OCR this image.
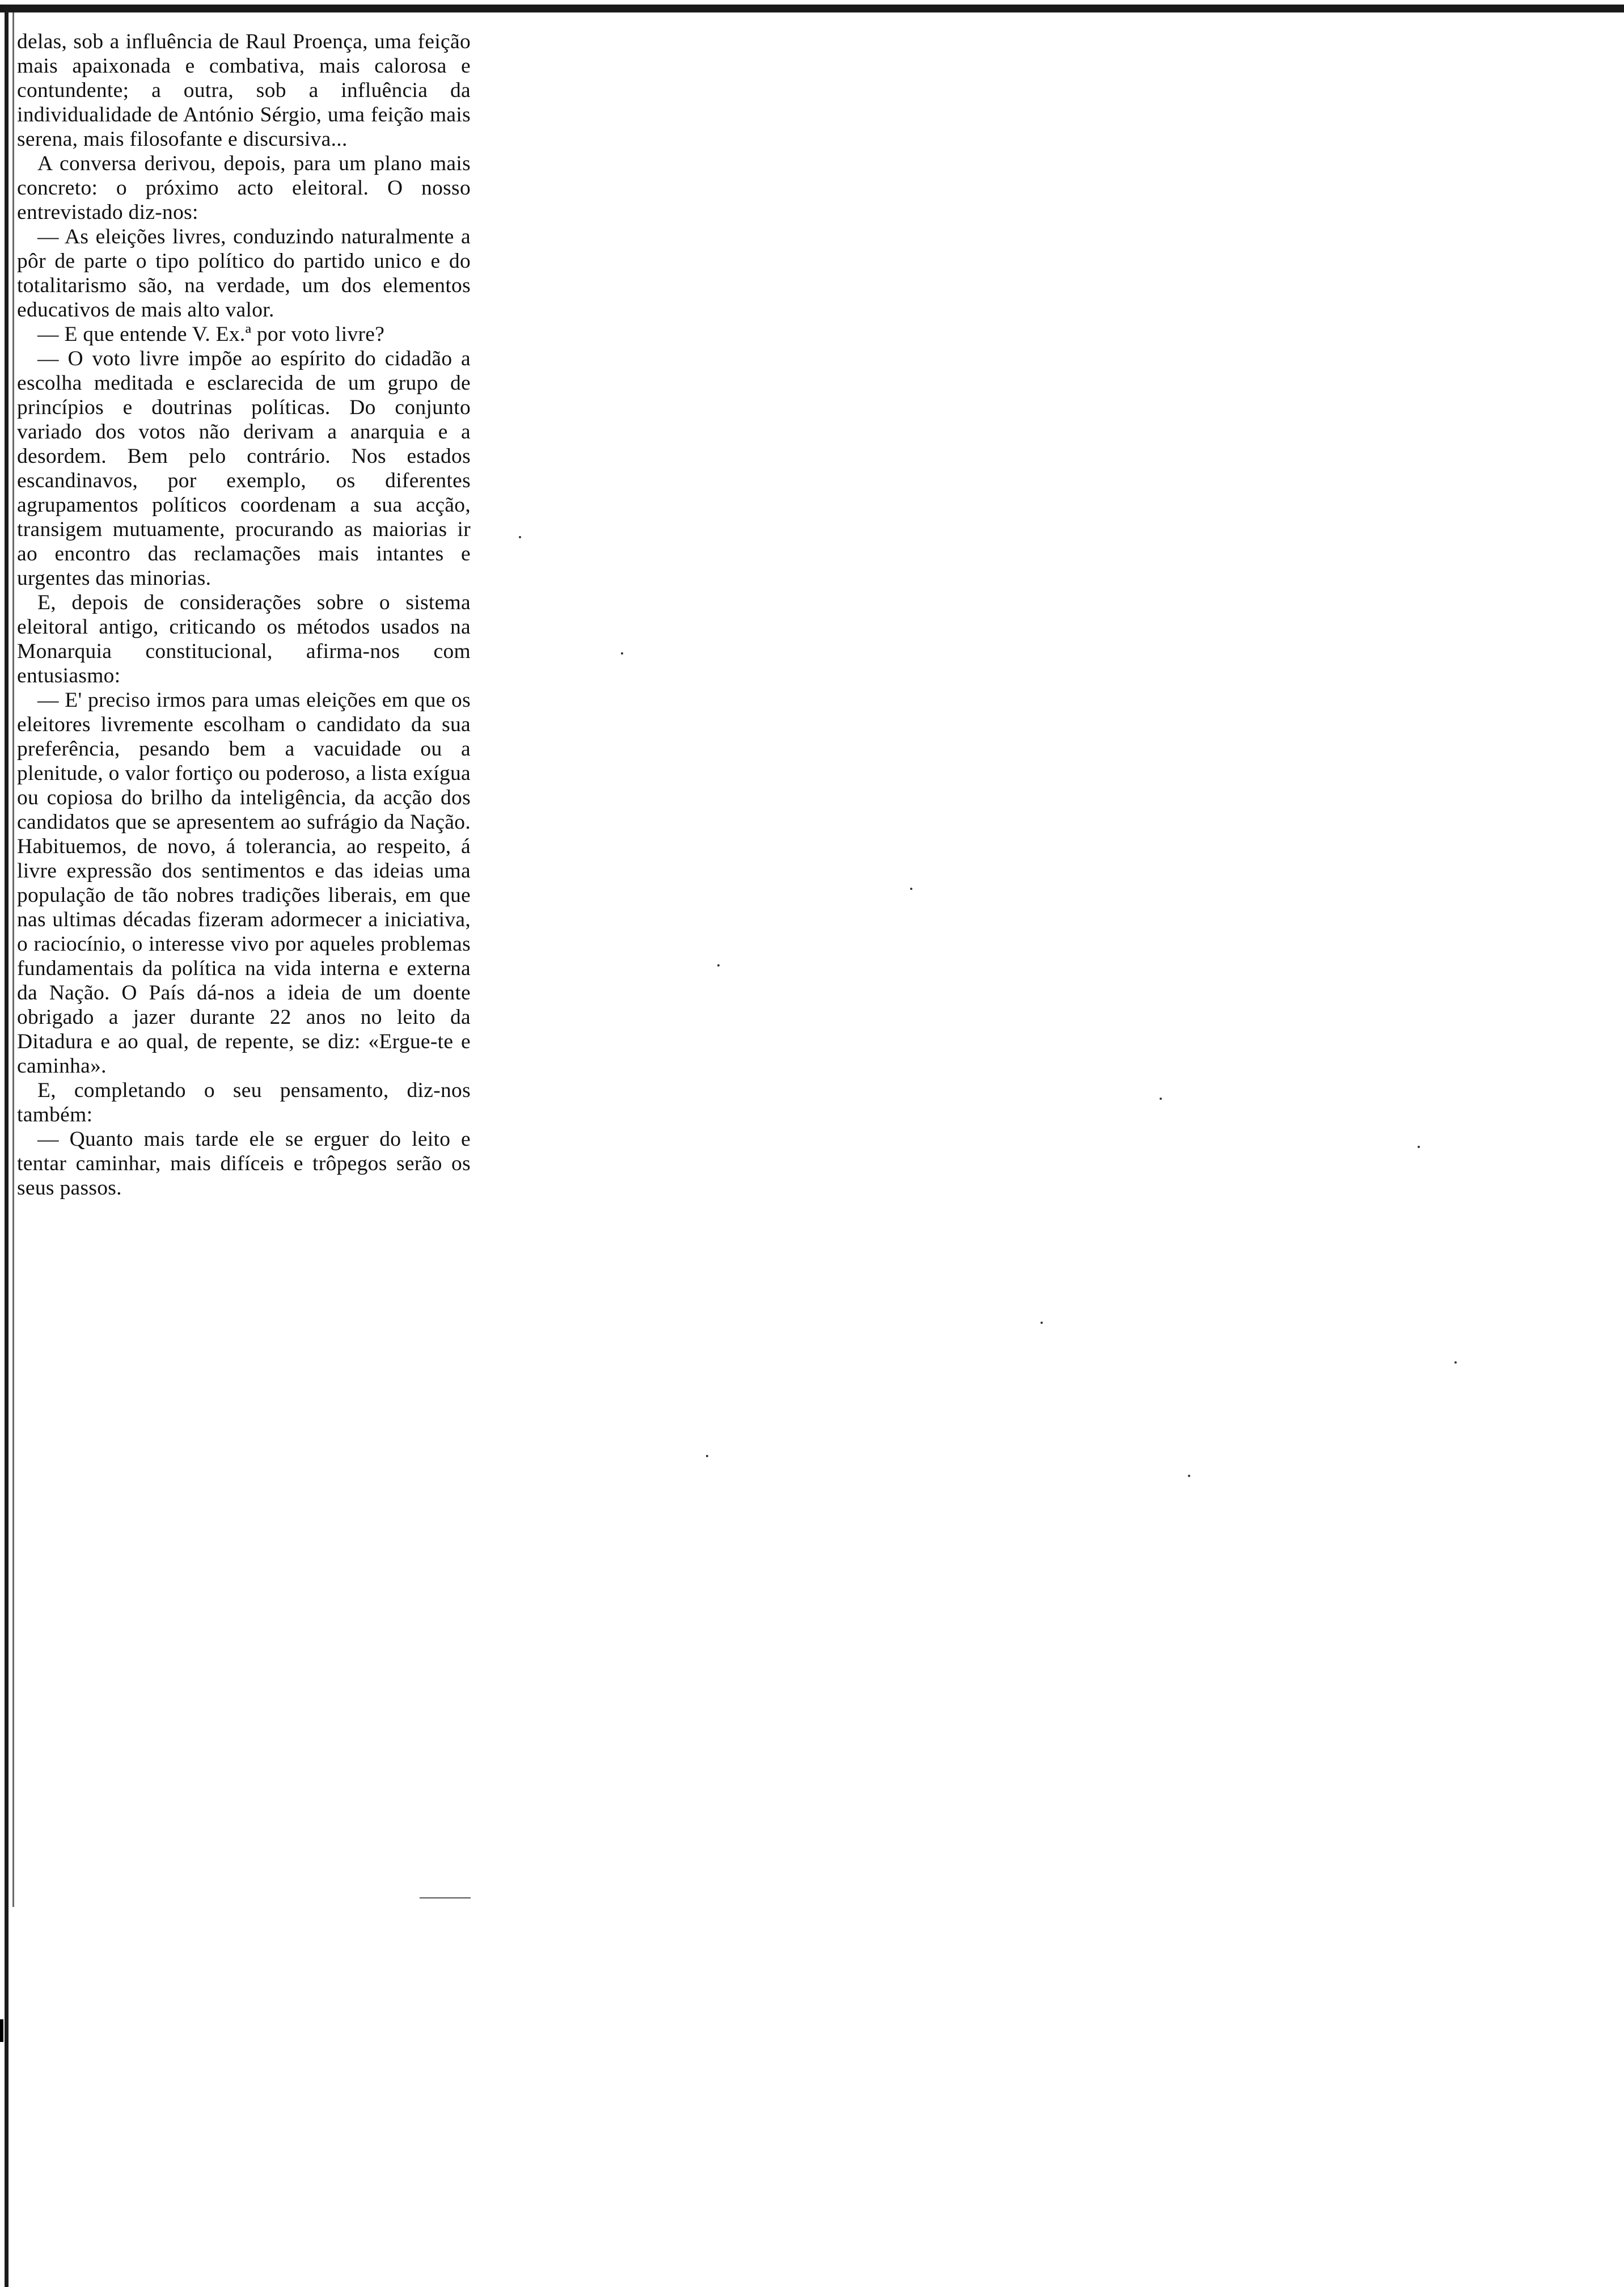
delas, sob a influência de Raul Proença, uma feição mais apaixonada e combativa, mais calorosa e contundente; a outra, sob a influência da individualidade de António Sérgio, uma feição mais serena, mais filosofante e discursiva...

A conversa derivou, depois, para um plano mais concreto: o próximo acto eleitoral. O nosso entrevistado diz-nos:

— As eleições livres, conduzindo naturalmente a pôr de parte o tipo político do partido unico e do totalitarismo são, na verdade, um dos elementos educativos de mais alto valor.

— E que entende V. Ex.ª por voto livre?

— O voto livre impõe ao espírito do cidadão a escolha meditada e esclarecida de um grupo de princípios e doutrinas políticas. Do conjunto variado dos votos não derivam a anarquia e a desordem. Bem pelo contrário. Nos estados escandinavos, por exemplo, os diferentes agrupamentos políticos coordenam a sua acção, transigem mutuamente, procurando as maiorias ir ao encontro das reclamações mais intantes e urgentes das minorias.

E, depois de considerações sobre o sistema eleitoral antigo, criticando os métodos usados na Monarquia constitucional, afirma-nos com entusiasmo:

— E' preciso irmos para umas eleições em que os eleitores livremente escolham o candidato da sua preferência, pesando bem a vacuidade ou a plenitude, o valor fortiço ou poderoso, a lista exígua ou copiosa do brilho da inteligência, da acção dos candidatos que se apresentem ao sufrágio da Nação. Habituemos, de novo, á tolerancia, ao respeito, á livre expressão dos sentimentos e das ideias uma população de tão nobres tradições liberais, em que nas ultimas décadas fizeram adormecer a iniciativa, o raciocínio, o interesse vivo por aqueles problemas fundamentais da política na vida interna e externa da Nação. O País dá-nos a ideia de um doente obrigado a jazer durante 22 anos no leito da Ditadura e ao qual, de repente, se diz: «Ergue-te e caminha».

E, completando o seu pensamento, diz-nos também:

— Quanto mais tarde ele se erguer do leito e tentar caminhar, mais difíceis e trôpegos serão os seus passos.
